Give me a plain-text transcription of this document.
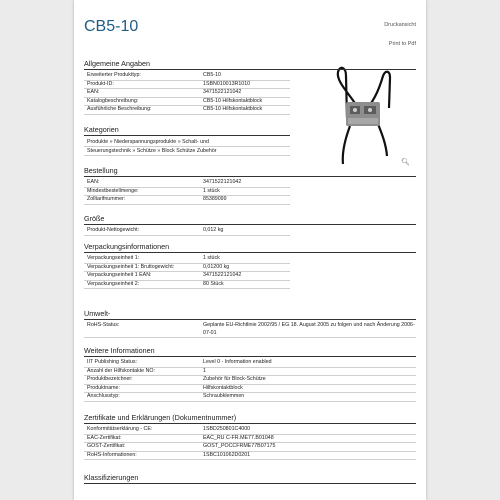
CB5-10	Druckansicht
Print to Pdf
🔍︎
Allgemeine Angaben
Erweiterter Produkttyp:	CB5-10
Produkt-ID:	1SBN010013R1010
EAN:	3471522121042
Katalogbeschreibung:	CB5-10 Hilfskontaktblock
Ausführliche Beschreibung:	CB5-10 Hilfskontaktblock
Kategorien
Produkte » Niederspannungsprodukte » Schalt- und
Steuerungstechnik » Schütze » Block Schütze Zubehör
Bestellung
EAN:	3471522121042
Mindestbestellmenge:	1 stück
Zolltarifnummer:	85389099
Größe
Produkt-Nettogewicht:	0,012 kg
Verpackungsinformationen
Verpackungseinheit 1:	1 stück
Verpackungseinheit 1: Bruttogewicht:	0,01200 kg
Verpackungseinheit 1 EAN:	3471522121042
Verpackungseinheit 2:	80 Stück
Umwelt-
RoHS-Status:	Geplante EU-Richtlinie 2002/95 / EG 18. August 2005 zu folgen und nach Änderung 2006-07-01
Weitere Informationen
IIT Publishing Status:	Level 0 - Information enabled
Anzahl der Hilfskontakte NO:	1
Produktbezeichner:	Zubehör für Block-Schütze
Produktname:	Hilfskontaktblock
Anschlusstyp:	Schraubklemmen
Zertifikate und Erklärungen (Dokumentnummer)
Konformitätserklärung - CE:	1SBD250801C4000
EAC-Zertifikat:	EAC_RU C-FR.ME77.B01048
GOST-Zertifikat:	GOST_POCCFRME77B07175
RoHS-Informationen:	1SBC101062D0201
Klassifizierungen
